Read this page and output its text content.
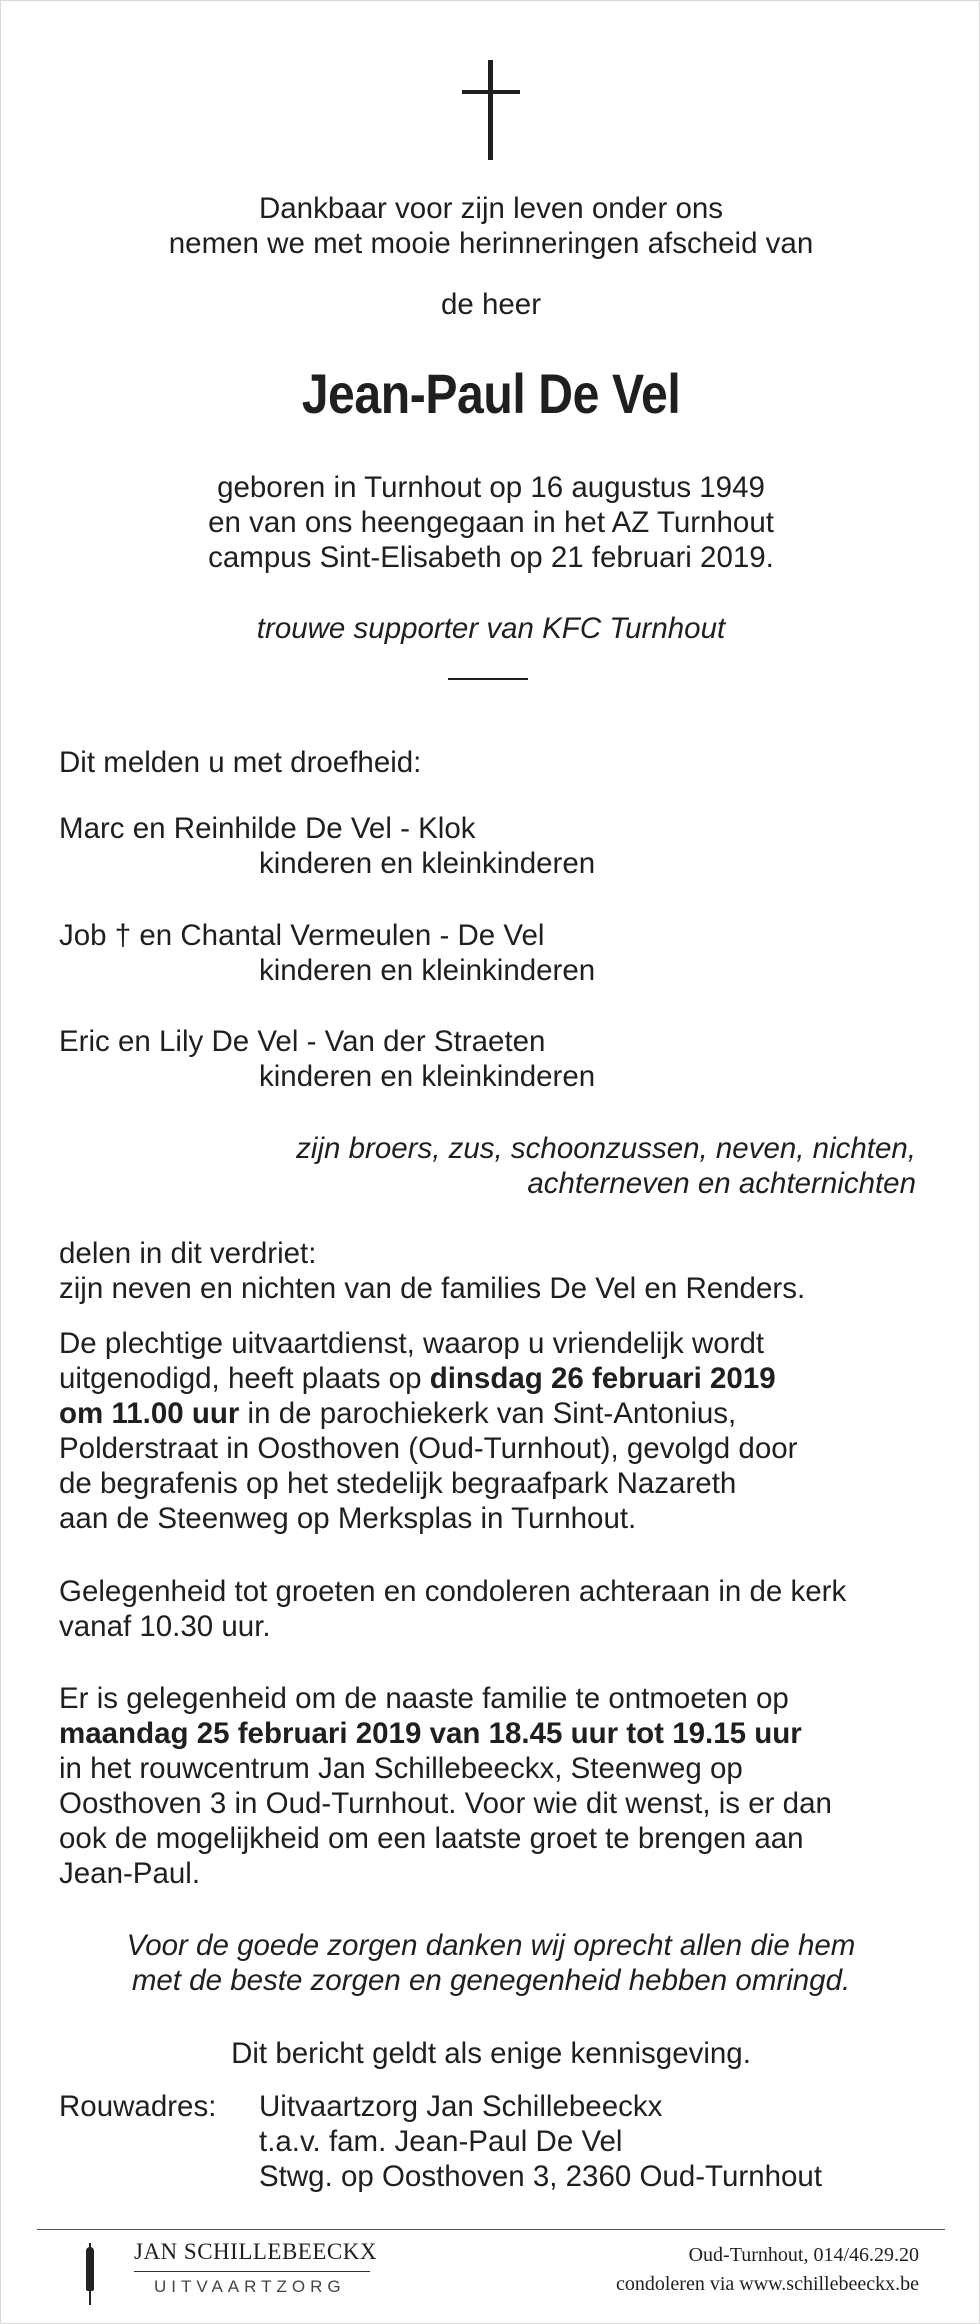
Dankbaar voor zijn leven onder ons
nemen we met mooie herinneringen afscheid van
de heer
Jean-Paul De Vel
geboren in Turnhout op 16 augustus 1949
en van ons heengegaan in het AZ Turnhout
campus Sint-Elisabeth op 21 februari 2019.
trouwe supporter van KFC Turnhout
Dit melden u met droefheid:
Marc en Reinhilde De Vel - Klok
kinderen en kleinkinderen
Job † en Chantal Vermeulen - De Vel
kinderen en kleinkinderen
Eric en Lily De Vel - Van der Straeten
kinderen en kleinkinderen
zijn broers, zus, schoonzussen, neven, nichten,
achterneven en achternichten
delen in dit verdriet:
zijn neven en nichten van de families De Vel en Renders.
De plechtige uitvaartdienst, waarop u vriendelijk wordt
uitgenodigd, heeft plaats op dinsdag 26 februari 2019
om 11.00 uur in de parochiekerk van Sint-Antonius,
Polderstraat in Oosthoven (Oud-Turnhout), gevolgd door
de begrafenis op het stedelijk begraafpark Nazareth
aan de Steenweg op Merksplas in Turnhout.
Gelegenheid tot groeten en condoleren achteraan in de kerk
vanaf 10.30 uur.
Er is gelegenheid om de naaste familie te ontmoeten op
maandag 25 februari 2019 van 18.45 uur tot 19.15 uur
in het rouwcentrum Jan Schillebeeckx, Steenweg op
Oosthoven 3 in Oud-Turnhout. Voor wie dit wenst, is er dan
ook de mogelijkheid om een laatste groet te brengen aan
Jean-Paul.
Voor de goede zorgen danken wij oprecht allen die hem
met de beste zorgen en genegenheid hebben omringd.
Dit bericht geldt als enige kennisgeving.
Rouwadres: Uitvaartzorg Jan Schillebeeckx
t.a.v. fam. Jean-Paul De Vel
Stwg. op Oosthoven 3, 2360 Oud-Turnhout
JAN SCHILLEBEECKX
UITVAARTZORG
Oud-Turnhout, 014/46.29.20
condoleren via www.schillebeeckx.be
